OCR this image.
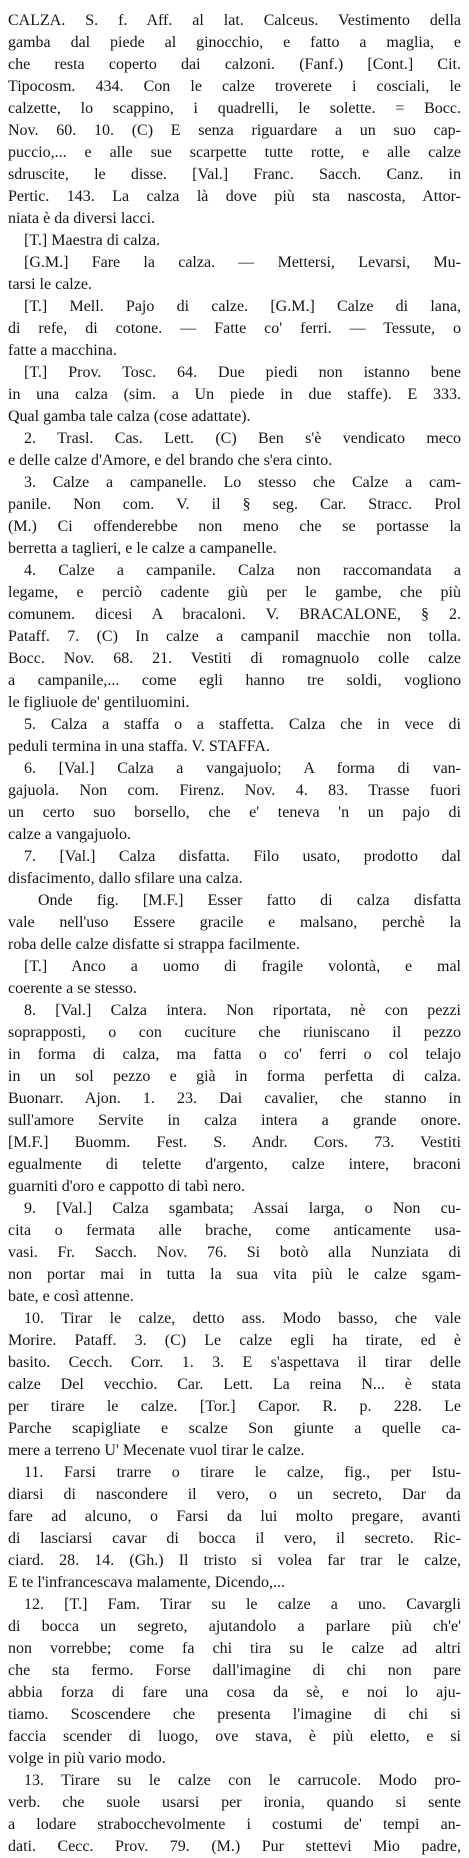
CALZA. S. f. Aff. al lat. Calceus. Vestimento della
gamba dal piede al ginocchio, e fatto a maglia, e
che resta coperto dai calzoni. (Fanf.) [Cont.] Cit.
Tipocosm. 434. Con le calze troverete i cosciali, le
calzette, lo scappino, i quadrelli, le solette. = Bocc.
Nov. 60. 10. (C) E senza riguardare a un suo cap-
puccio,... e alle sue scarpette tutte rotte, e alle calze
sdruscite, le disse. [Val.] Franc. Sacch. Canz. in
Pertic. 143. La calza là dove più sta nascosta, Attor-
niata è da diversi lacci.
[T.] Maestra di calza.
[G.M.] Fare la calza. — Mettersi, Levarsi, Mu-
tarsi le calze.
[T.] Mell. Pajo di calze. [G.M.] Calze di lana,
di refe, di cotone. — Fatte co' ferri. — Tessute, o
fatte a macchina.
[T.] Prov. Tosc. 64. Due piedi non istanno bene
in una calza (sim. a Un piede in due staffe). E 333.
Qual gamba tale calza (cose adattate).
2. Trasl. Cas. Lett. (C) Ben s'è vendicato meco
e delle calze d'Amore, e del brando che s'era cinto.
3. Calze a campanelle. Lo stesso che Calze a cam-
panile. Non com. V. il § seg. Car. Stracc. Prol
(M.) Ci offenderebbe non meno che se portasse la
berretta a taglieri, e le calze a campanelle.
4. Calze a campanile. Calza non raccomandata a
legame, e perciò cadente giù per le gambe, che più
comunem. dicesi A bracaloni. V. BRACALONE, § 2.
Pataff. 7. (C) In calze a campanil macchie non tolla.
Bocc. Nov. 68. 21. Vestiti di romagnuolo colle calze
a campanile,... come egli hanno tre soldi, vogliono
le figliuole de' gentiluomini.
5. Calza a staffa o a staffetta. Calza che in vece di
peduli termina in una staffa. V. STAFFA.
6. [Val.] Calza a vangajuolo; A forma di van-
gajuola. Non com. Firenz. Nov. 4. 83. Trasse fuori
un certo suo borsello, che e' teneva 'n un pajo di
calze a vangajuolo.
7. [Val.] Calza disfatta. Filo usato, prodotto dal
disfacimento, dallo sfilare una calza.
Onde fig. [M.F.] Esser fatto di calza disfatta
vale nell'uso Essere gracile e malsano, perchè la
roba delle calze disfatte si strappa facilmente.
[T.] Anco a uomo di fragile volontà, e mal
coerente a se stesso.
8. [Val.] Calza intera. Non riportata, nè con pezzi
soprapposti, o con cuciture che riuniscano il pezzo
in forma di calza, ma fatta o co' ferri o col telajo
in un sol pezzo e già in forma perfetta di calza.
Buonarr. Ajon. 1. 23. Dai cavalier, che stanno in
sull'amore Servite in calza intera a grande onore.
[M.F.] Buomm. Fest. S. Andr. Cors. 73. Vestiti
egualmente di telette d'argento, calze intere, braconi
guarniti d'oro e cappotto di tabì nero.
9. [Val.] Calza sgambata; Assai larga, o Non cu-
cita o fermata alle brache, come anticamente usa-
vasi. Fr. Sacch. Nov. 76. Si botò alla Nunziata di
non portar mai in tutta la sua vita più le calze sgam-
bate, e così attenne.
10. Tirar le calze, detto ass. Modo basso, che vale
Morire. Pataff. 3. (C) Le calze egli ha tirate, ed è
basito. Cecch. Corr. 1. 3. E s'aspettava il tirar delle
calze Del vecchio. Car. Lett. La reina N... è stata
per tirare le calze. [Tor.] Capor. R. p. 228. Le
Parche scapigliate e scalze Son giunte a quelle ca-
mere a terreno U' Mecenate vuol tirar le calze.
11. Farsi trarre o tirare le calze, fig., per Istu-
diarsi di nascondere il vero, o un secreto, Dar da
fare ad alcuno, o Farsi da lui molto pregare, avanti
di lasciarsi cavar di bocca il vero, il secreto. Ric-
ciard. 28. 14. (Gh.) Il tristo si volea far trar le calze,
E te l'infrancescava malamente, Dicendo,...
12. [T.] Fam. Tirar su le calze a uno. Cavargli
di bocca un segreto, ajutandolo a parlare più ch'e'
non vorrebbe; come fa chi tira su le calze ad altri
che sta fermo. Forse dall'imagine di chi non pare
abbia forza di fare una cosa da sè, e noi lo aju-
tiamo. Scoscendere che presenta l'imagine di chi si
faccia scender di luogo, ove stava, è più eletto, e si
volge in più vario modo.
13. Tirare su le calze con le carrucole. Modo pro-
verb. che suole usarsi per ironia, quando si sente
a lodare strabocchevolmente i costumi de' tempi an-
dati. Cecc. Prov. 79. (M.) Pur stettevi Mio padre,
